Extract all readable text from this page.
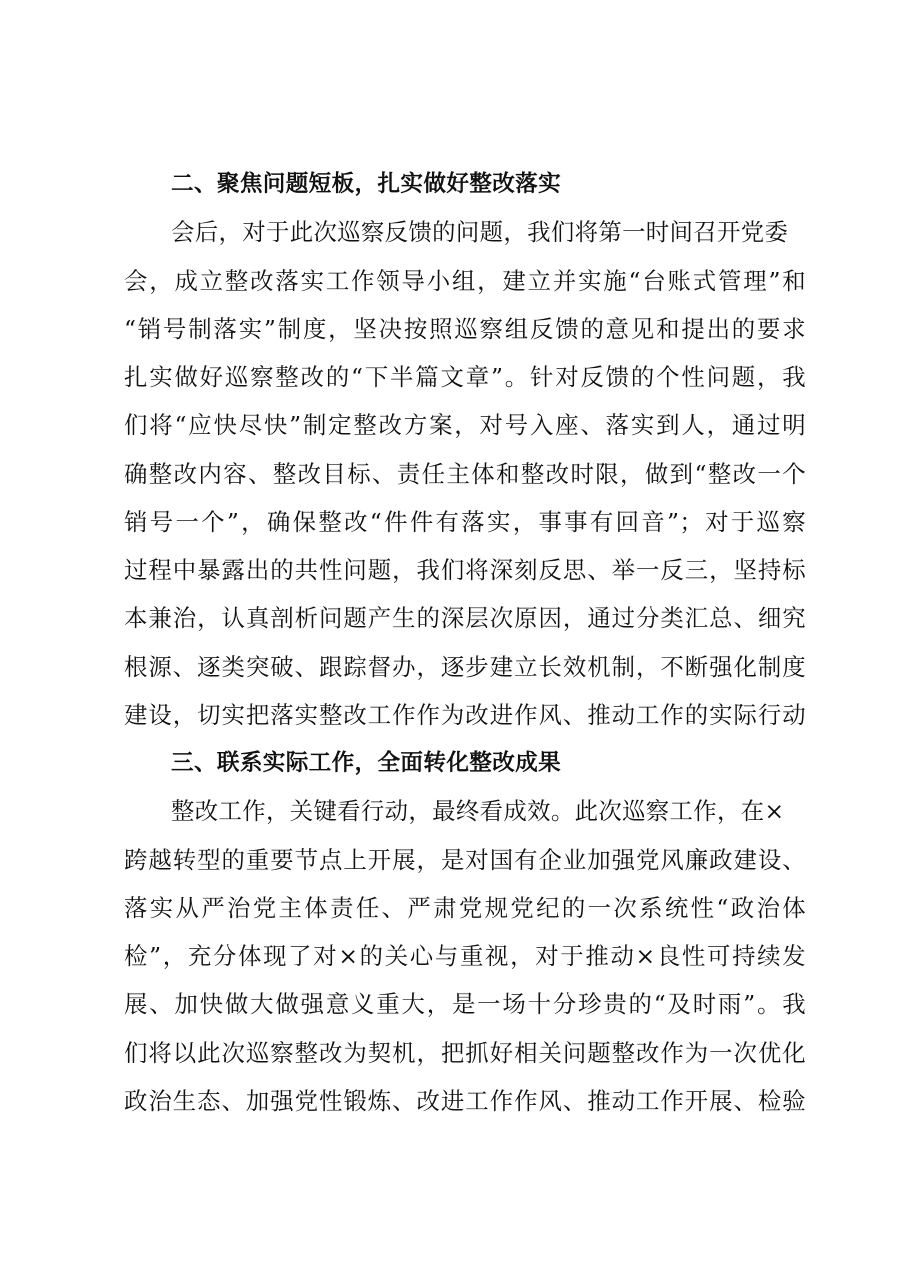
二、聚焦问题短板，扎实做好整改落实
会后，对于此次巡察反馈的问题，我们将第一时间召开党委
会，成立整改落实工作领导小组，建立并实施“台账式管理”和
“销号制落实”制度，坚决按照巡察组反馈的意见和提出的要求
扎实做好巡察整改的“下半篇文章”。针对反馈的个性问题，我
们将“应快尽快”制定整改方案，对号入座、落实到人，通过明
确整改内容、整改目标、责任主体和整改时限，做到“整改一个
销号一个”，确保整改“件件有落实，事事有回音”；对于巡察
过程中暴露出的共性问题，我们将深刻反思、举一反三，坚持标
本兼治，认真剖析问题产生的深层次原因，通过分类汇总、细究
根源、逐类突破、跟踪督办，逐步建立长效机制，不断强化制度
建设，切实把落实整改工作作为改进作风、推动工作的实际行动
三、联系实际工作，全面转化整改成果
整改工作，关键看行动，最终看成效。此次巡察工作，在×
跨越转型的重要节点上开展，是对国有企业加强党风廉政建设、
落实从严治党主体责任、严肃党规党纪的一次系统性“政治体
检”，充分体现了对×的关心与重视，对于推动×良性可持续发
展、加快做大做强意义重大，是一场十分珍贵的“及时雨”。我
们将以此次巡察整改为契机，把抓好相关问题整改作为一次优化
政治生态、加强党性锻炼、改进工作作风、推动工作开展、检验
